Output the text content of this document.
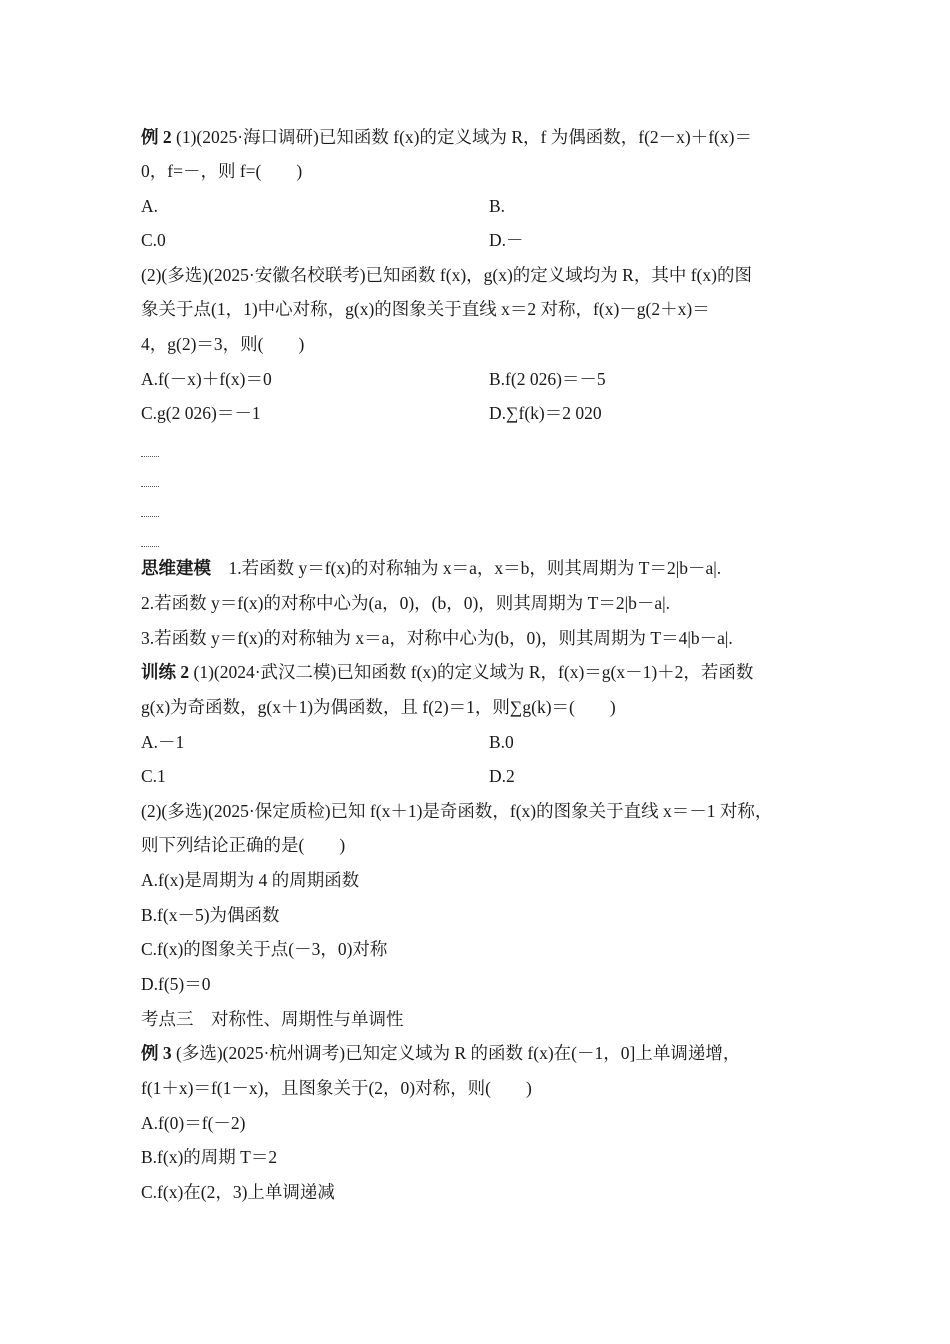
例 2 (1)(2025·海口调研)已知函数 f(x)的定义域为 R，f 为偶函数，f(2－x)＋f(x)＝
0，f=－，则 f=(　　)
A.	B.
C.0	D.－
(2)(多选)(2025·安徽名校联考)已知函数 f(x)，g(x)的定义域均为 R，其中 f(x)的图
象关于点(1，1)中心对称，g(x)的图象关于直线 x＝2 对称，f(x)－g(2＋x)＝
4，g(2)＝3，则(　　)
A.f(－x)＋f(x)＝0	B.f(2 026)＝－5
C.g(2 026)＝－1	D.∑f(k)＝2 020
思维建模　1.若函数 y＝f(x)的对称轴为 x＝a，x＝b，则其周期为 T＝2|b－a|.
2.若函数 y＝f(x)的对称中心为(a，0)，(b，0)，则其周期为 T＝2|b－a|.
3.若函数 y＝f(x)的对称轴为 x＝a，对称中心为(b，0)，则其周期为 T＝4|b－a|.
训练 2 (1)(2024·武汉二模)已知函数 f(x)的定义域为 R，f(x)＝g(x－1)＋2，若函数
g(x)为奇函数，g(x＋1)为偶函数，且 f(2)＝1，则∑g(k)＝(　　)
A.－1	B.0
C.1	D.2
(2)(多选)(2025·保定质检)已知 f(x＋1)是奇函数，f(x)的图象关于直线 x＝－1 对称，
则下列结论正确的是(　　)
A.f(x)是周期为 4 的周期函数
B.f(x－5)为偶函数
C.f(x)的图象关于点(－3，0)对称
D.f(5)＝0
考点三　对称性、周期性与单调性
例 3 (多选)(2025·杭州调考)已知定义域为 R 的函数 f(x)在(－1，0]上单调递增，
f(1＋x)＝f(1－x)，且图象关于(2，0)对称，则(　　)
A.f(0)＝f(－2)
B.f(x)的周期 T＝2
C.f(x)在(2，3)上单调递减
